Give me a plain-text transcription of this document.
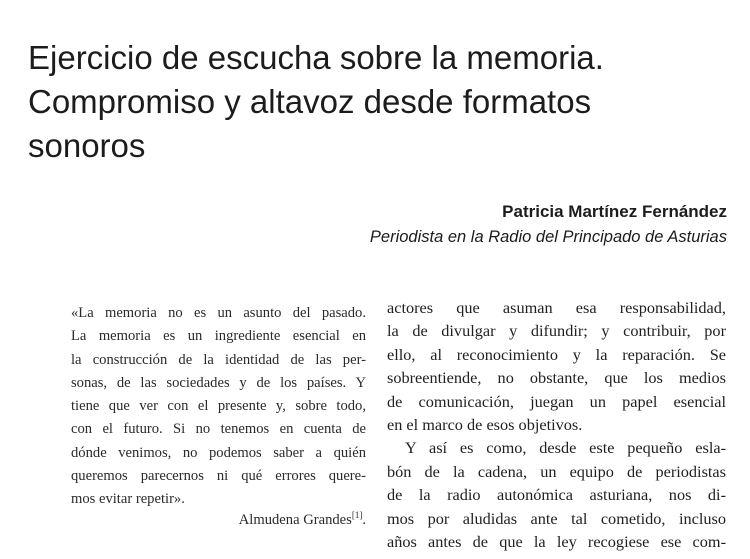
Ejercicio de escucha sobre la memoria.
Compromiso y altavoz desde formatos
sonoros
Patricia Martínez Fernández
Periodista en la Radio del Principado de Asturias
«La memoria no es un asunto del pasado.
La memoria es un ingrediente esencial en
la construcción de la identidad de las per-
sonas, de las sociedades y de los países. Y
tiene que ver con el presente y, sobre todo,
con el futuro. Si no tenemos en cuenta de
dónde venimos, no podemos saber a quién
queremos parecernos ni qué errores quere-
mos evitar repetir».
Almudena Grandes[1].
actores que asuman esa responsabilidad,
la de divulgar y difundir; y contribuir, por
ello, al reconocimiento y la reparación. Se
sobreentiende, no obstante, que los medios
de comunicación, juegan un papel esencial
en el marco de esos objetivos.
Y así es como, desde este pequeño esla-
bón de la cadena, un equipo de periodistas
de la radio autonómica asturiana, nos di-
mos por aludidas ante tal cometido, incluso
años antes de que la ley recogiese ese com-
